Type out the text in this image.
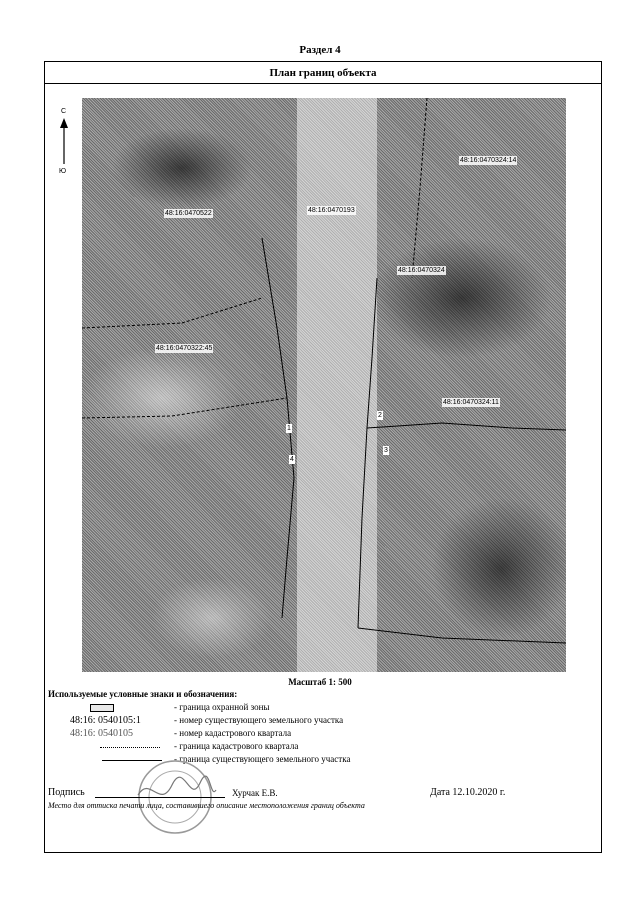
Раздел 4
План границ объекта
С
Ю
48:16:0470324:14
48:16:0470522	48:16:0470193
48:16:0470324
48:16:0470322:45
48:16:0470324:11
1
2
3
4
Масштаб 1: 500
Используемые условные знаки и обозначения:
- граница охранной зоны
48:16: 0540105:1	- номер существующего земельного участка
48:16: 0540105	- номер кадастрового квартала
- граница кадастрового квартала
- граница существующего земельного участка
Подпись	Хурчак Е.В.	Дата 12.10.2020 г.
Место для оттиска печати лица, составившего описание местоположения границ объекта
